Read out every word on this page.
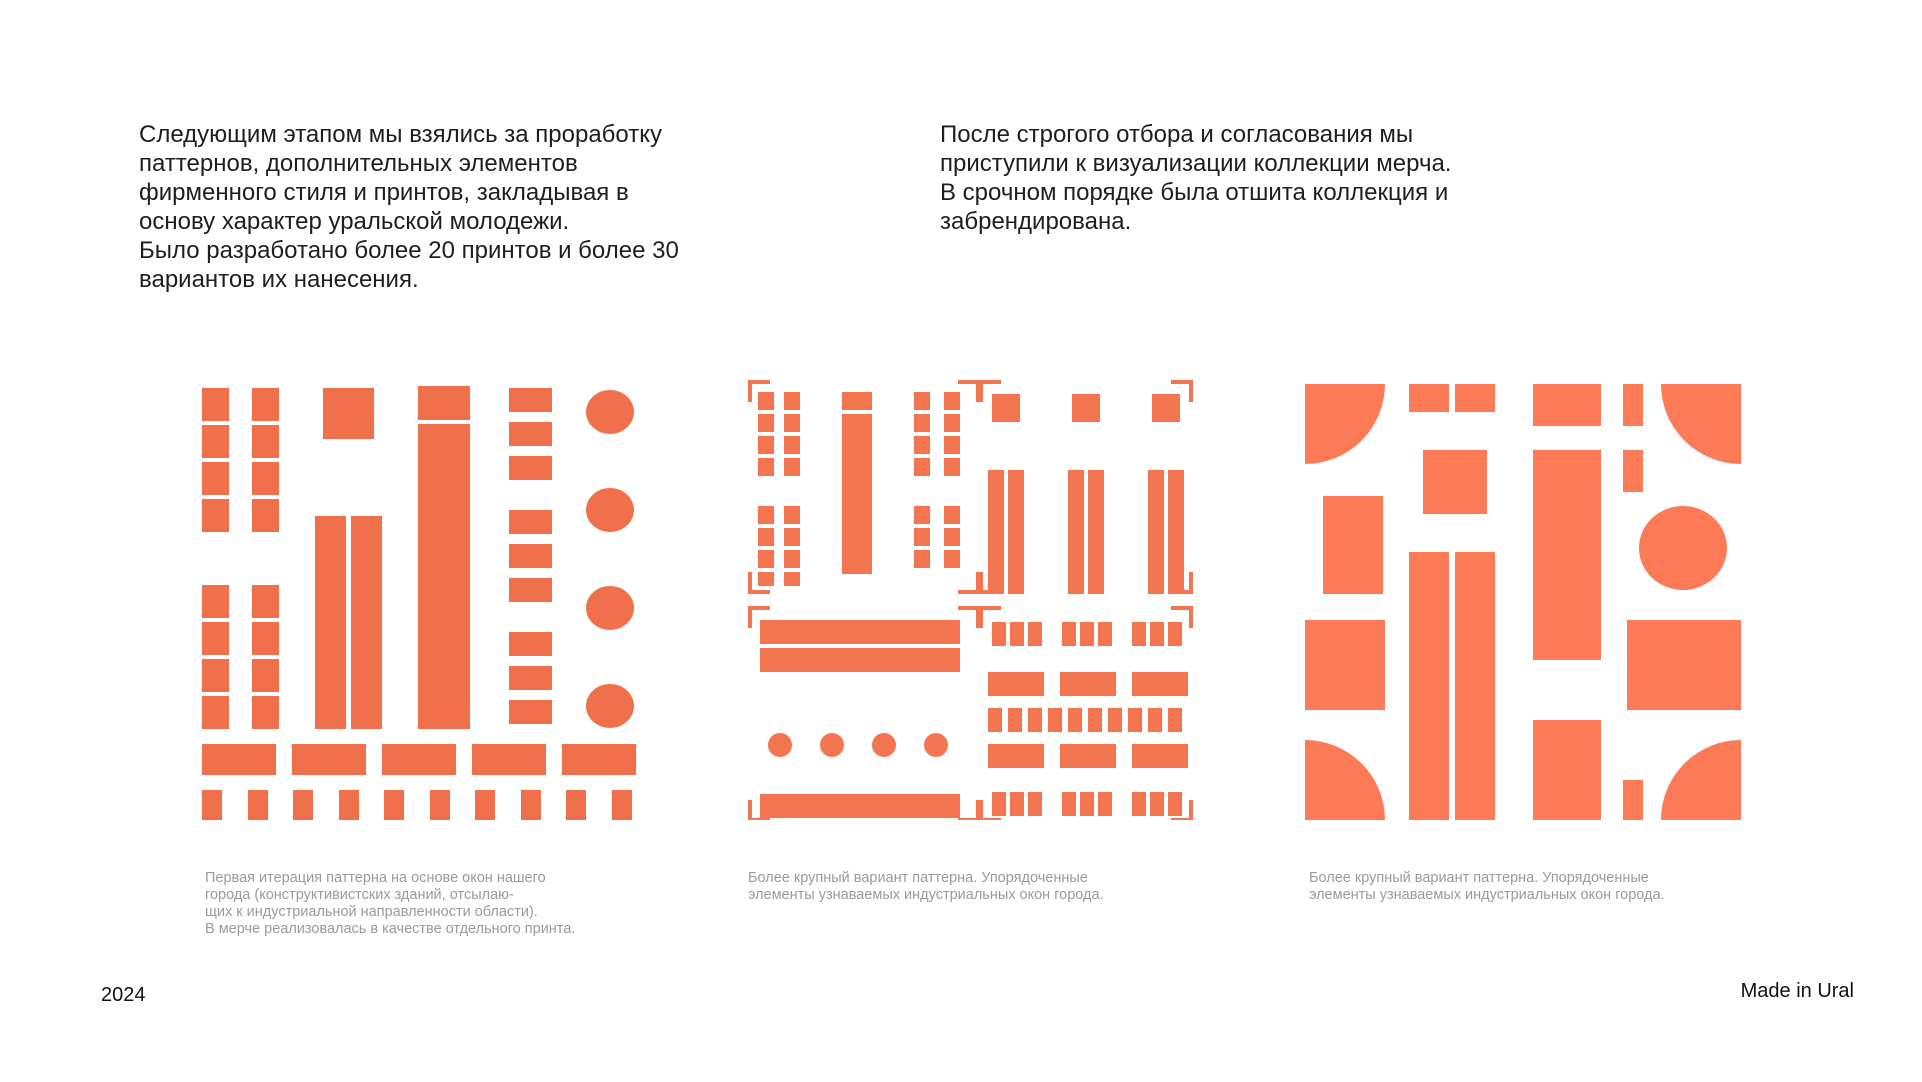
Следующим этапом мы взялись за проработку
паттернов, дополнительных элементов
фирменного стиля и принтов, закладывая в
основу характер уральской молодежи.
Было разработано более 20 принтов и более 30
вариантов их нанесения.
После строгого отбора и согласования мы
приступили к визуализации коллекции мерча.
В срочном порядке была отшита коллекция и
забрендирована.
Первая итерация паттерна на основе окон нашего
города (конструктивистских зданий, отсылаю-
щих к индустриальной направленности области).
В мерче реализовалась в качестве отдельного принта.
Более крупный вариант паттерна. Упорядоченные
элементы узнаваемых индустриальных окон города.
Более крупный вариант паттерна. Упорядоченные
элементы узнаваемых индустриальных окон города.
2024	Made in Ural
